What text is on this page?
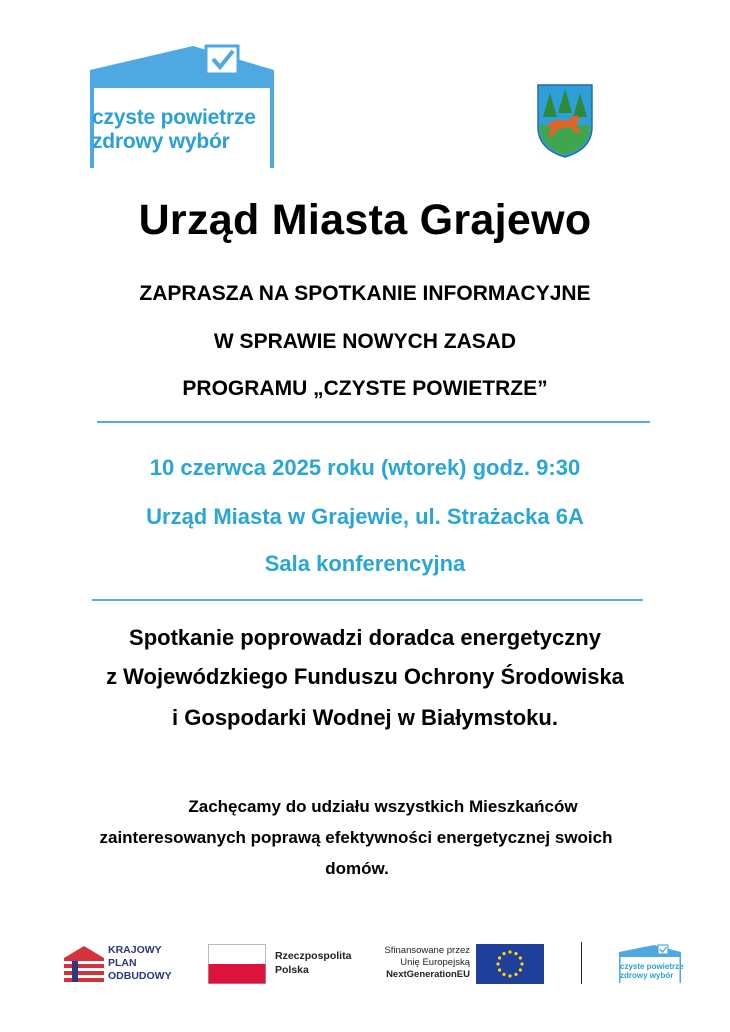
czyste powietrze
zdrowy wybór
Urząd Miasta Grajewo
ZAPRASZA NA SPOTKANIE INFORMACYJNE
W SPRAWIE NOWYCH ZASAD
PROGRAMU „CZYSTE POWIETRZE”
10 czerwca 2025 roku (wtorek) godz. 9:30
Urząd Miasta w Grajewie, ul. Strażacka 6A
Sala konferencyjna
Spotkanie poprowadzi doradca energetyczny
z Wojewódzkiego Funduszu Ochrony Środowiska
i Gospodarki Wodnej w Białymstoku.
Zachęcamy do udziału wszystkich Mieszkańców
zainteresowanych poprawą efektywności energetycznej swoich
domów.
KRAJOWY
PLAN
ODBUDOWY
Rzeczpospolita
Polska
Sfinansowane przez
Unię Europejską
NextGenerationEU
czyste powietrze
zdrowy wybór
